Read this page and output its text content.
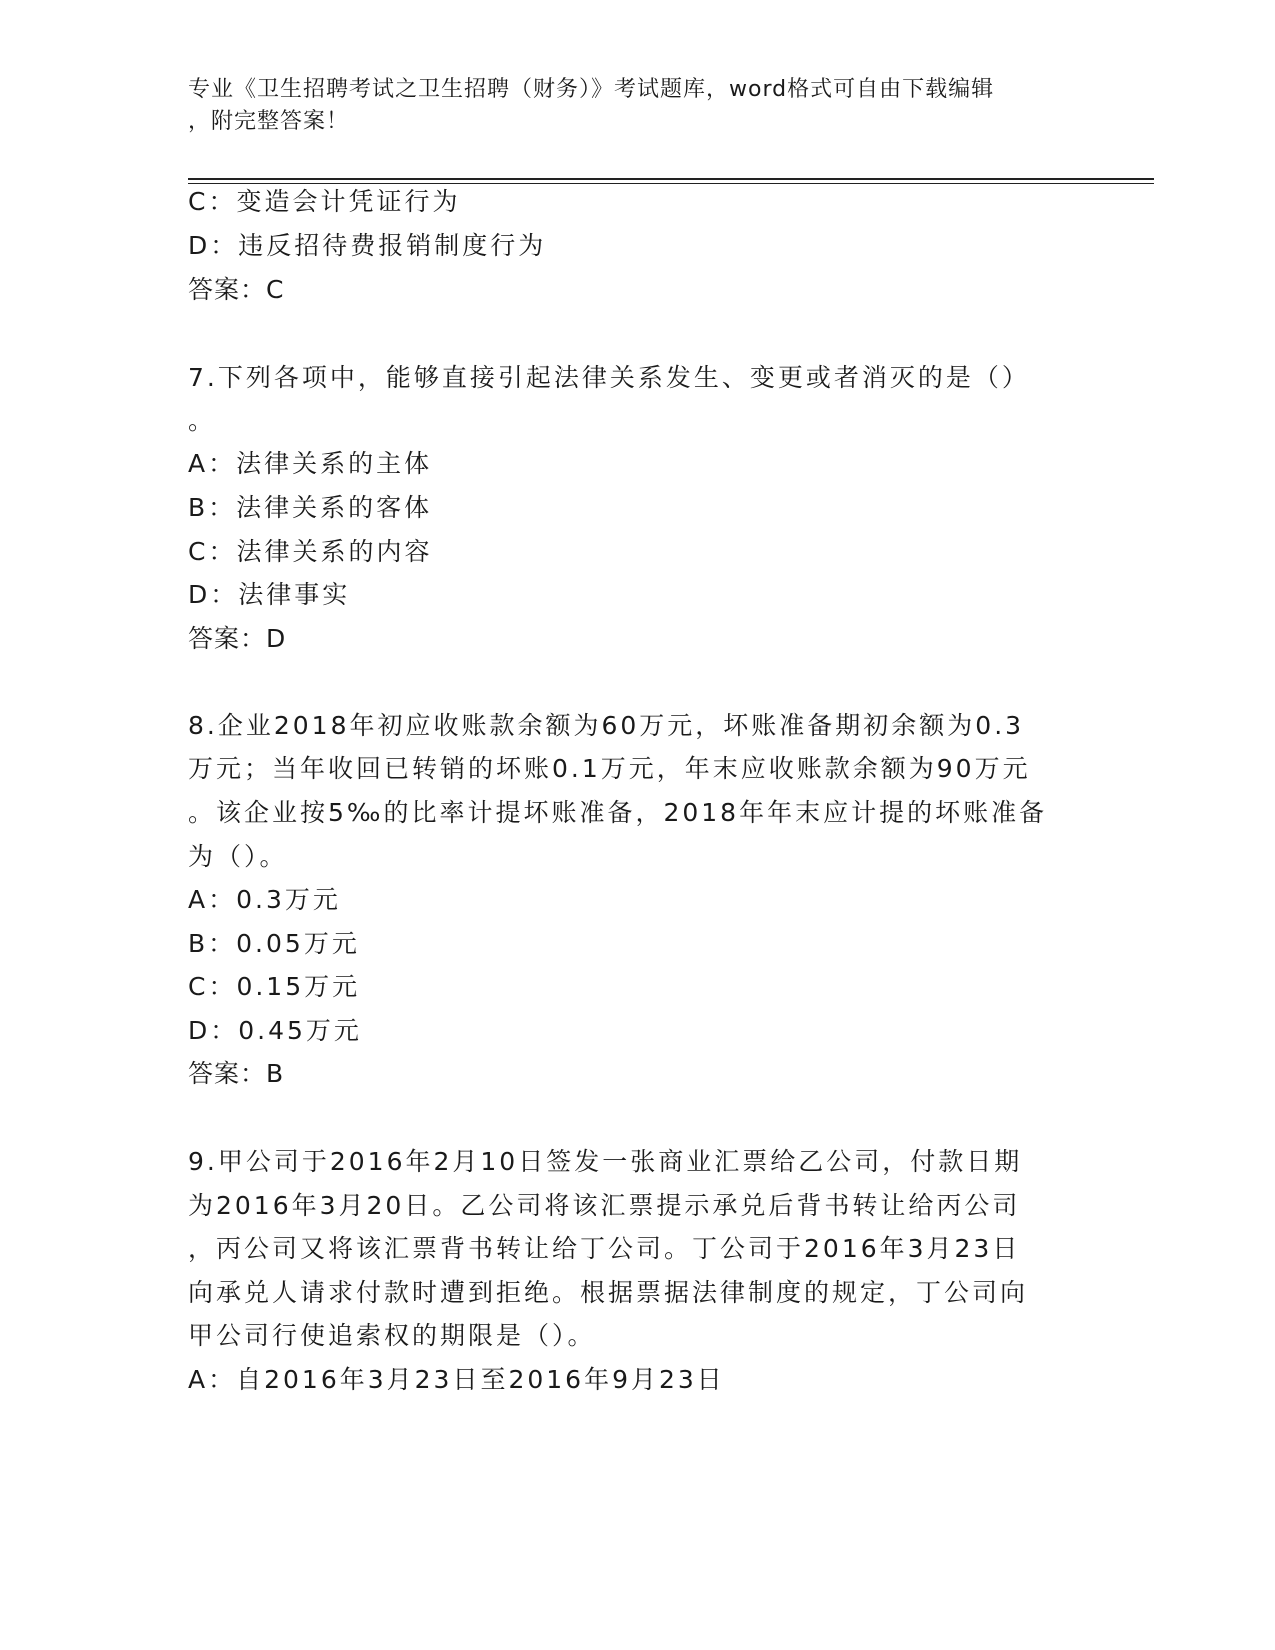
专业《卫生招聘考试之卫生招聘（财务）》考试题库，word格式可自由下载编辑
，附完整答案！
C：变造会计凭证行为
D：违反招待费报销制度行为
答案：C
7.下列各项中，能够直接引起法律关系发生、变更或者消灭的是（）
。
A：法律关系的主体
B：法律关系的客体
C：法律关系的内容
D：法律事实
答案：D
8.企业2018年初应收账款余额为60万元，坏账准备期初余额为0.3
万元；当年收回已转销的坏账0.1万元，年末应收账款余额为90万元
。该企业按5‰的比率计提坏账准备，2018年年末应计提的坏账准备
为（）。
A：0.3万元
B：0.05万元
C：0.15万元
D：0.45万元
答案：B
9.甲公司于2016年2月10日签发一张商业汇票给乙公司，付款日期
为2016年3月20日。乙公司将该汇票提示承兑后背书转让给丙公司
，丙公司又将该汇票背书转让给丁公司。丁公司于2016年3月23日
向承兑人请求付款时遭到拒绝。根据票据法律制度的规定，丁公司向
甲公司行使追索权的期限是（）。
A：自2016年3月23日至2016年9月23日
